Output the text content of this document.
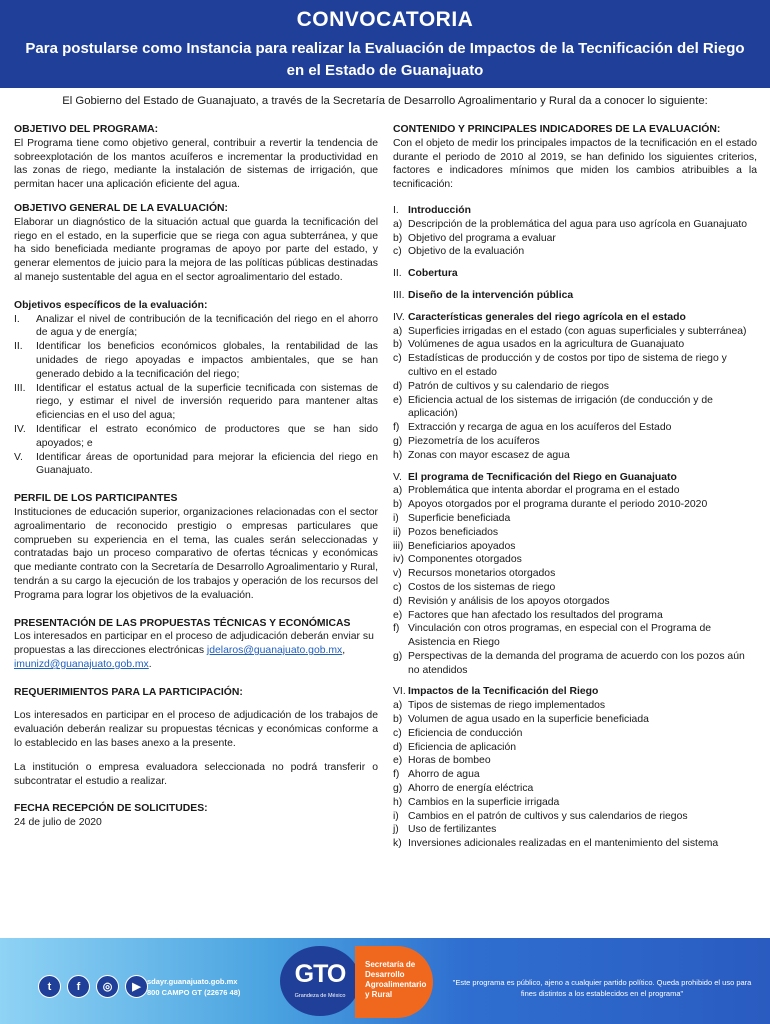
CONVOCATORIA
Para postularse como Instancia para realizar la Evaluación de Impactos de la Tecnificación del Riego en el Estado de Guanajuato
El Gobierno del Estado de Guanajuato, a través de la Secretaría de Desarrollo Agroalimentario y Rural da a conocer lo siguiente:

OBJETIVO DEL PROGRAMA:

El Programa tiene como objetivo general, contribuir a revertir la tendencia de sobreexplotación de los mantos acuíferos e incrementar la productividad en las zonas de riego, mediante la instalación de sistemas de irrigación, que permitan hacer una aplicación eficiente del agua.

OBJETIVO GENERAL DE LA EVALUACIÓN:

Elaborar un diagnóstico de la situación actual que guarda la tecnificación del riego en el estado, en la superficie que se riega con agua subterránea, y que ha sido beneficiada mediante programas de apoyo por parte del estado, y generar elementos de juicio para la mejora de las políticas públicas destinadas al manejo sustentable del agua en el sector agroalimentario del estado.

Objetivos específicos de la evaluación:

I. Analizar el nivel de contribución de la tecnificación del riego en el ahorro de agua y de energía;
II. Identificar los beneficios económicos globales, la rentabilidad de las unidades de riego apoyadas e impactos ambientales, que se han generado debido a la tecnificación del riego;
III. Identificar el estatus actual de la superficie tecnificada con sistemas de riego, y estimar el nivel de inversión requerido para mantener altas eficiencias en el uso del agua;
IV. Identificar el estrato económico de productores que se han sido apoyados; e
V. Identificar áreas de oportunidad para mejorar la eficiencia del riego en Guanajuato.

PERFIL DE LOS PARTICIPANTES

Instituciones de educación superior, organizaciones relacionadas con el sector agroalimentario de reconocido prestigio o empresas particulares que comprueben su experiencia en el tema, las cuales serán seleccionadas y contratadas bajo un proceso comparativo de ofertas técnicas y económicas que mediante contrato con la Secretaría de Desarrollo Agroalimentario y Rural, tendrán a su cargo la ejecución de los trabajos y operación de los recursos del Programa para lograr los objetivos de la evaluación.

PRESENTACIÓN DE LAS PROPUESTAS TÉCNICAS Y ECONÓMICAS

Los interesados en participar en el proceso de adjudicación deberán enviar su propuestas a las direcciones electrónicas jdelaros@guanajuato.gob.mx, imunizd@guanajuato.gob.mx.

REQUERIMIENTOS PARA LA PARTICIPACIÓN:

Los interesados en participar en el proceso de adjudicación de los trabajos de evaluación deberán realizar su propuestas técnicas y económicas conforme a lo establecido en las bases anexo a la presente.

La institución o empresa evaluadora seleccionada no podrá transferir o subcontratar el estudio a realizar.

FECHA RECEPCIÓN DE SOLICITUDES:

24 de julio de 2020

CONTENIDO Y PRINCIPALES INDICADORES DE LA EVALUACIÓN:

Con el objeto de medir los principales impactos de la tecnificación en el estado durante el periodo de 2010 al 2019, se han definido los siguientes criterios, factores e indicadores mínimos que miden los cambios atribuibles a la tecnificación:

I. Introducción

a) Descripción de la problemática del agua para uso agrícola en Guanajuato
b) Objetivo del programa a evaluar
c) Objetivo de la evaluación

II. Cobertura

III. Diseño de la intervención pública

IV. Características generales del riego agrícola en el estado

a) Superficies irrigadas en el estado (con aguas superficiales y subterránea)
b) Volúmenes de agua usados en la agricultura de Guanajuato
c) Estadísticas de producción y de costos por tipo de sistema de riego y cultivo en el estado
d) Patrón de cultivos y su calendario de riegos
e) Eficiencia actual de los sistemas de irrigación (de conducción y de aplicación)
f) Extracción y recarga de agua en los acuíferos del Estado
g) Piezometría de los acuíferos
h) Zonas con mayor escasez de agua

V. El programa de Tecnificación del Riego en Guanajuato

a) Problemática que intenta abordar el programa en el estado
b) Apoyos otorgados por el programa durante el periodo 2010-2020
i) Superficie beneficiada
ii) Pozos beneficiados
iii) Beneficiarios apoyados
iv) Componentes otorgados
v) Recursos monetarios otorgados
c) Costos de los sistemas de riego
d) Revisión y análisis de los apoyos otorgados
e) Factores que han afectado los resultados del programa
f) Vinculación con otros programas, en especial con el Programa de Asistencia en Riego
g) Perspectivas de la demanda del programa de acuerdo con los pozos aún no atendidos

VI. Impactos de la Tecnificación del Riego

a) Tipos de sistemas de riego implementados
b) Volumen de agua usado en la superficie beneficiada
c) Eficiencia de conducción
d) Eficiencia de aplicación
e) Horas de bombeo
f) Ahorro de agua
g) Ahorro de energía eléctrica
h) Cambios en la superficie irrigada
i) Cambios en el patrón de cultivos y sus calendarios de riegos
j) Uso de fertilizantes
k) Inversiones adicionales realizadas en el mantenimiento del sistema
t	f	◎	▶ sdayr.guanajuato.gob.mx
800 CAMPO GT (22676 48)
GTO
Grandeza de México
Secretaría de
Desarrollo
Agroalimentario
y Rural
"Este programa es público, ajeno a cualquier partido político. Queda prohibido el uso para fines distintos a los establecidos en el programa"
